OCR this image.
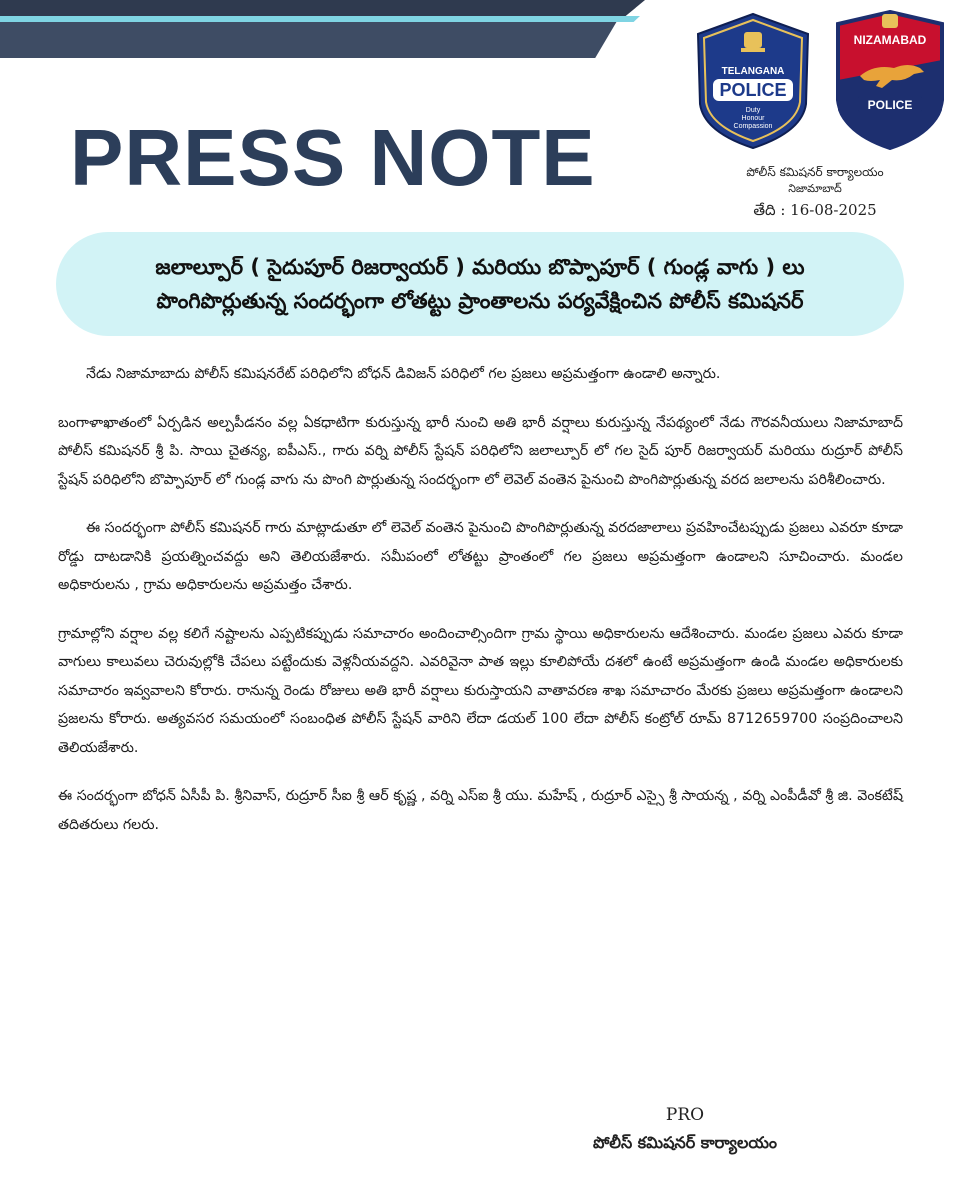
PRESS NOTE
TELANGANA
POLICE
Duty
Honour
Compassion
NIZAMABAD
POLICE
పోలీస్ కమిషనర్ కార్యాలయం
నిజామాబాద్
తేది : 16-08-2025
జలాల్పూర్ ( సైదుపూర్ రిజర్వాయర్ ) మరియు బొప్పాపూర్ ( గుండ్ల వాగు ) లు
పొంగిపొర్లుతున్న సందర్భంగా లోతట్టు ప్రాంతాలను పర్యవేక్షించిన పోలీస్ కమిషనర్

నేడు నిజామాబాదు పోలీస్ కమిషనరేట్ పరిధిలోని బోధన్ డివిజన్ పరిధిలో గల ప్రజలు అప్రమత్తంగా ఉండాలి అన్నారు.

బంగాళాఖాతంలో ఏర్పడిన అల్పపీడనం వల్ల ఏకధాటిగా కురుస్తున్న భారీ నుంచి అతి భారీ వర్షాలు కురుస్తున్న నేపథ్యంలో నేడు గౌరవనీయులు నిజామాబాద్ పోలీస్ కమిషనర్ శ్రీ పి. సాయి చైతన్య, ఐపీఎస్., గారు వర్ని పోలీస్ స్టేషన్ పరిధిలోని జలాల్పూర్ లో గల సైద్ పూర్ రిజర్వాయర్ మరియు రుద్రూర్ పోలీస్ స్టేషన్ పరిధిలోని బొప్పాపూర్ లో గుండ్ల వాగు ను పొంగి పొర్లుతున్న సందర్భంగా లో లెవెల్ వంతెన పైనుంచి పొంగిపొర్లుతున్న వరద జలాలను పరిశీలించారు.

ఈ సందర్భంగా పోలీస్ కమిషనర్ గారు మాట్లాడుతూ లో లెవెల్ వంతెన పైనుంచి పొంగిపొర్లుతున్న వరదజాలాలు ప్రవహించేటప్పుడు ప్రజలు ఎవరూ కూడా రోడ్డు దాటడానికి ప్రయత్నించవద్దు అని తెలియజేశారు. సమీపంలో లోతట్టు ప్రాంతంలో గల ప్రజలు అప్రమత్తంగా ఉండాలని సూచించారు. మండల అధికారులను , గ్రామ అధికారులను అప్రమత్తం చేశారు.

గ్రామాల్లోని వర్షాల వల్ల కలిగే నష్టాలను ఎప్పటికప్పుడు సమాచారం అందించాల్సిందిగా గ్రామ స్థాయి అధికారులను ఆదేశించారు. మండల ప్రజలు ఎవరు కూడా వాగులు కాలువలు చెరువుల్లోకి చేపలు పట్టేందుకు వెళ్లనీయవద్దని. ఎవరివైనా పాత ఇల్లు కూలిపోయే దశలో ఉంటే అప్రమత్తంగా ఉండి మండల అధికారులకు సమాచారం ఇవ్వవాలని కోరారు. రానున్న రెండు రోజులు అతి భారీ వర్షాలు కురుస్తాయని వాతావరణ శాఖ సమాచారం మేరకు ప్రజలు అప్రమత్తంగా ఉండాలని ప్రజలను కోరారు. అత్యవసర సమయంలో సంబంధిత పోలీస్ స్టేషన్ వారిని లేదా డయల్ 100 లేదా పోలీస్ కంట్రోల్ రూమ్ 8712659700 సంప్రదించాలని తెలియజేశారు.

ఈ సందర్భంగా బోధన్ ఏసీపీ పి. శ్రీనివాస్, రుద్రూర్ సీఐ శ్రీ ఆర్ కృష్ణ , వర్ని ఎస్ఐ శ్రీ యు. మహేష్ , రుద్రూర్ ఎస్సై శ్రీ సాయన్న , వర్ని ఎంపీడీవో శ్రీ జి. వెంకటేష్ తదితరులు గలరు.

PRO
పోలీస్ కమిషనర్ కార్యాలయం
